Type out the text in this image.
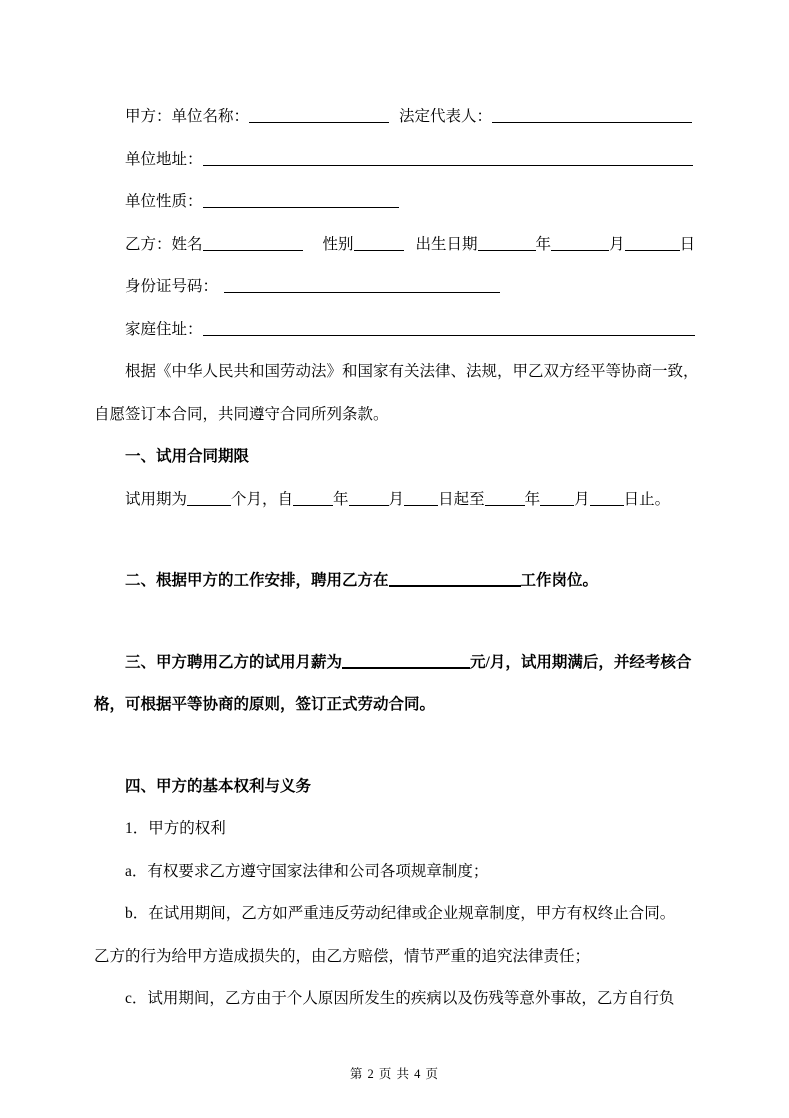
甲方：单位名称：	法定代表人：
单位地址：
单位性质：
乙方：姓名	性别	出生日期	年	月	日
身份证号码：
家庭住址：
根据《中华人民共和国劳动法》和国家有关法律、法规，甲乙双方经平等协商一致，
自愿签订本合同，共同遵守合同所列条款。
一、试用合同期限
试用期为	个月，自	年	月 日起至	年 月 日止。
二、根据甲方的工作安排，聘用乙方在	工作岗位。
三、甲方聘用乙方的试用月薪为	元/月，试用期满后，并经考核合
格，可根据平等协商的原则，签订正式劳动合同。
四、甲方的基本权利与义务
1．甲方的权利
a．有权要求乙方遵守国家法律和公司各项规章制度；
b．在试用期间，乙方如严重违反劳动纪律或企业规章制度，甲方有权终止合同。
乙方的行为给甲方造成损失的，由乙方赔偿，情节严重的追究法律责任；
c．试用期间，乙方由于个人原因所发生的疾病以及伤残等意外事故，乙方自行负
第 2 页 共 4 页
